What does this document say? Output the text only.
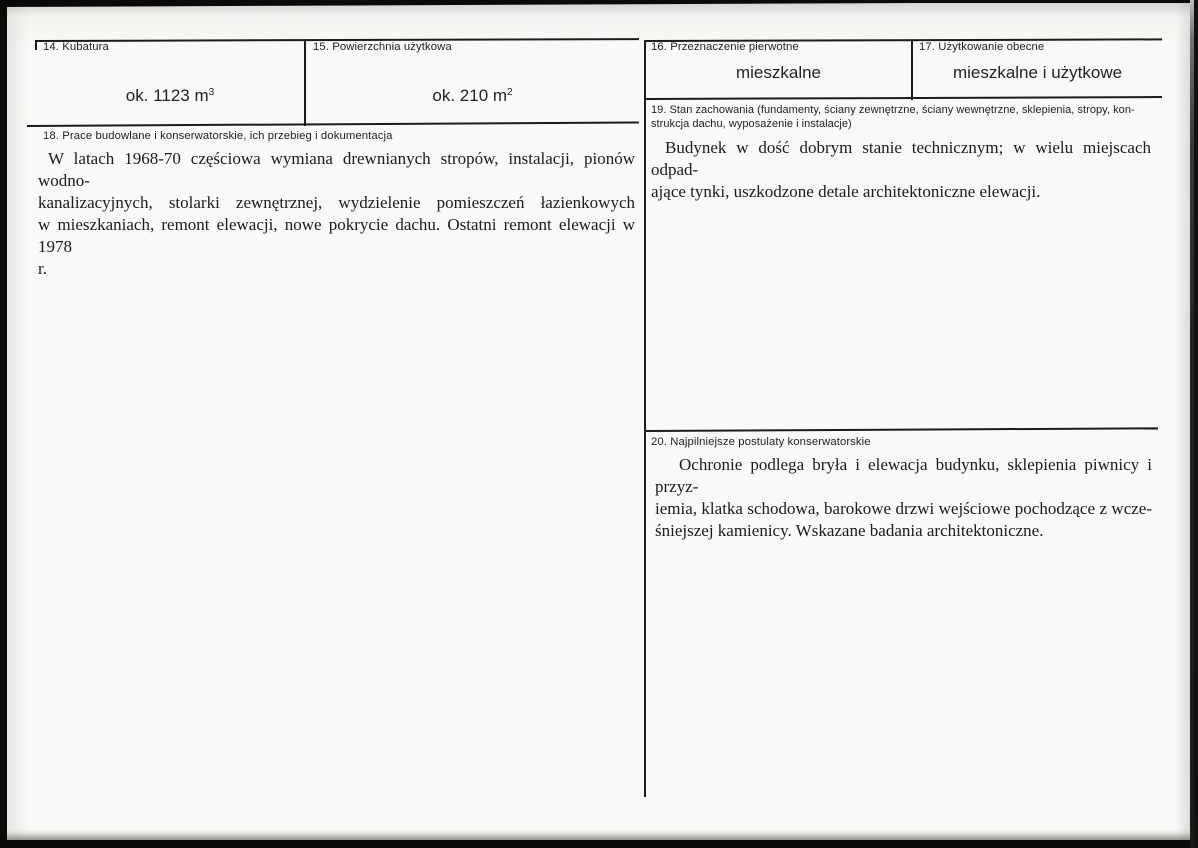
14. Kubatura
ok. 1123 $m^3$
15. Powierzchnia użytkowa
ok. 210 $m^2$
16. Przeznaczenie pierwotne
mieszkalne
17. Użytkowanie obecne
mieszkalne i użytkowe
18. Prace budowlane i konserwatorskie, ich przebieg i dokumentacja
W latach 1968-70 częściowa wymiana drewnianych stropów, instalacji, pionów wodno-
kanalizacyjnych, stolarki zewnętrznej, wydzielenie pomieszczeń łazienkowych
w mieszkaniach, remont elewacji, nowe pokrycie dachu. Ostatni remont elewacji w 1978
r.
19. Stan zachowania (fundamenty, ściany zewnętrzne, ściany wewnętrzne, sklepienia, stropy, kon-
strukcja dachu, wyposażenie i instalacje)
Budynek w dość dobrym stanie technicznym; w wielu miejscach odpad-
ające tynki, uszkodzone detale architektoniczne elewacji.
20. Najpilniejsze postulaty konserwatorskie
Ochronie podlega bryła i elewacja budynku, sklepienia piwnicy i przyz-
iemia, klatka schodowa, barokowe drzwi wejściowe pochodzące z wcze-
śniejszej kamienicy. Wskazane badania architektoniczne.
